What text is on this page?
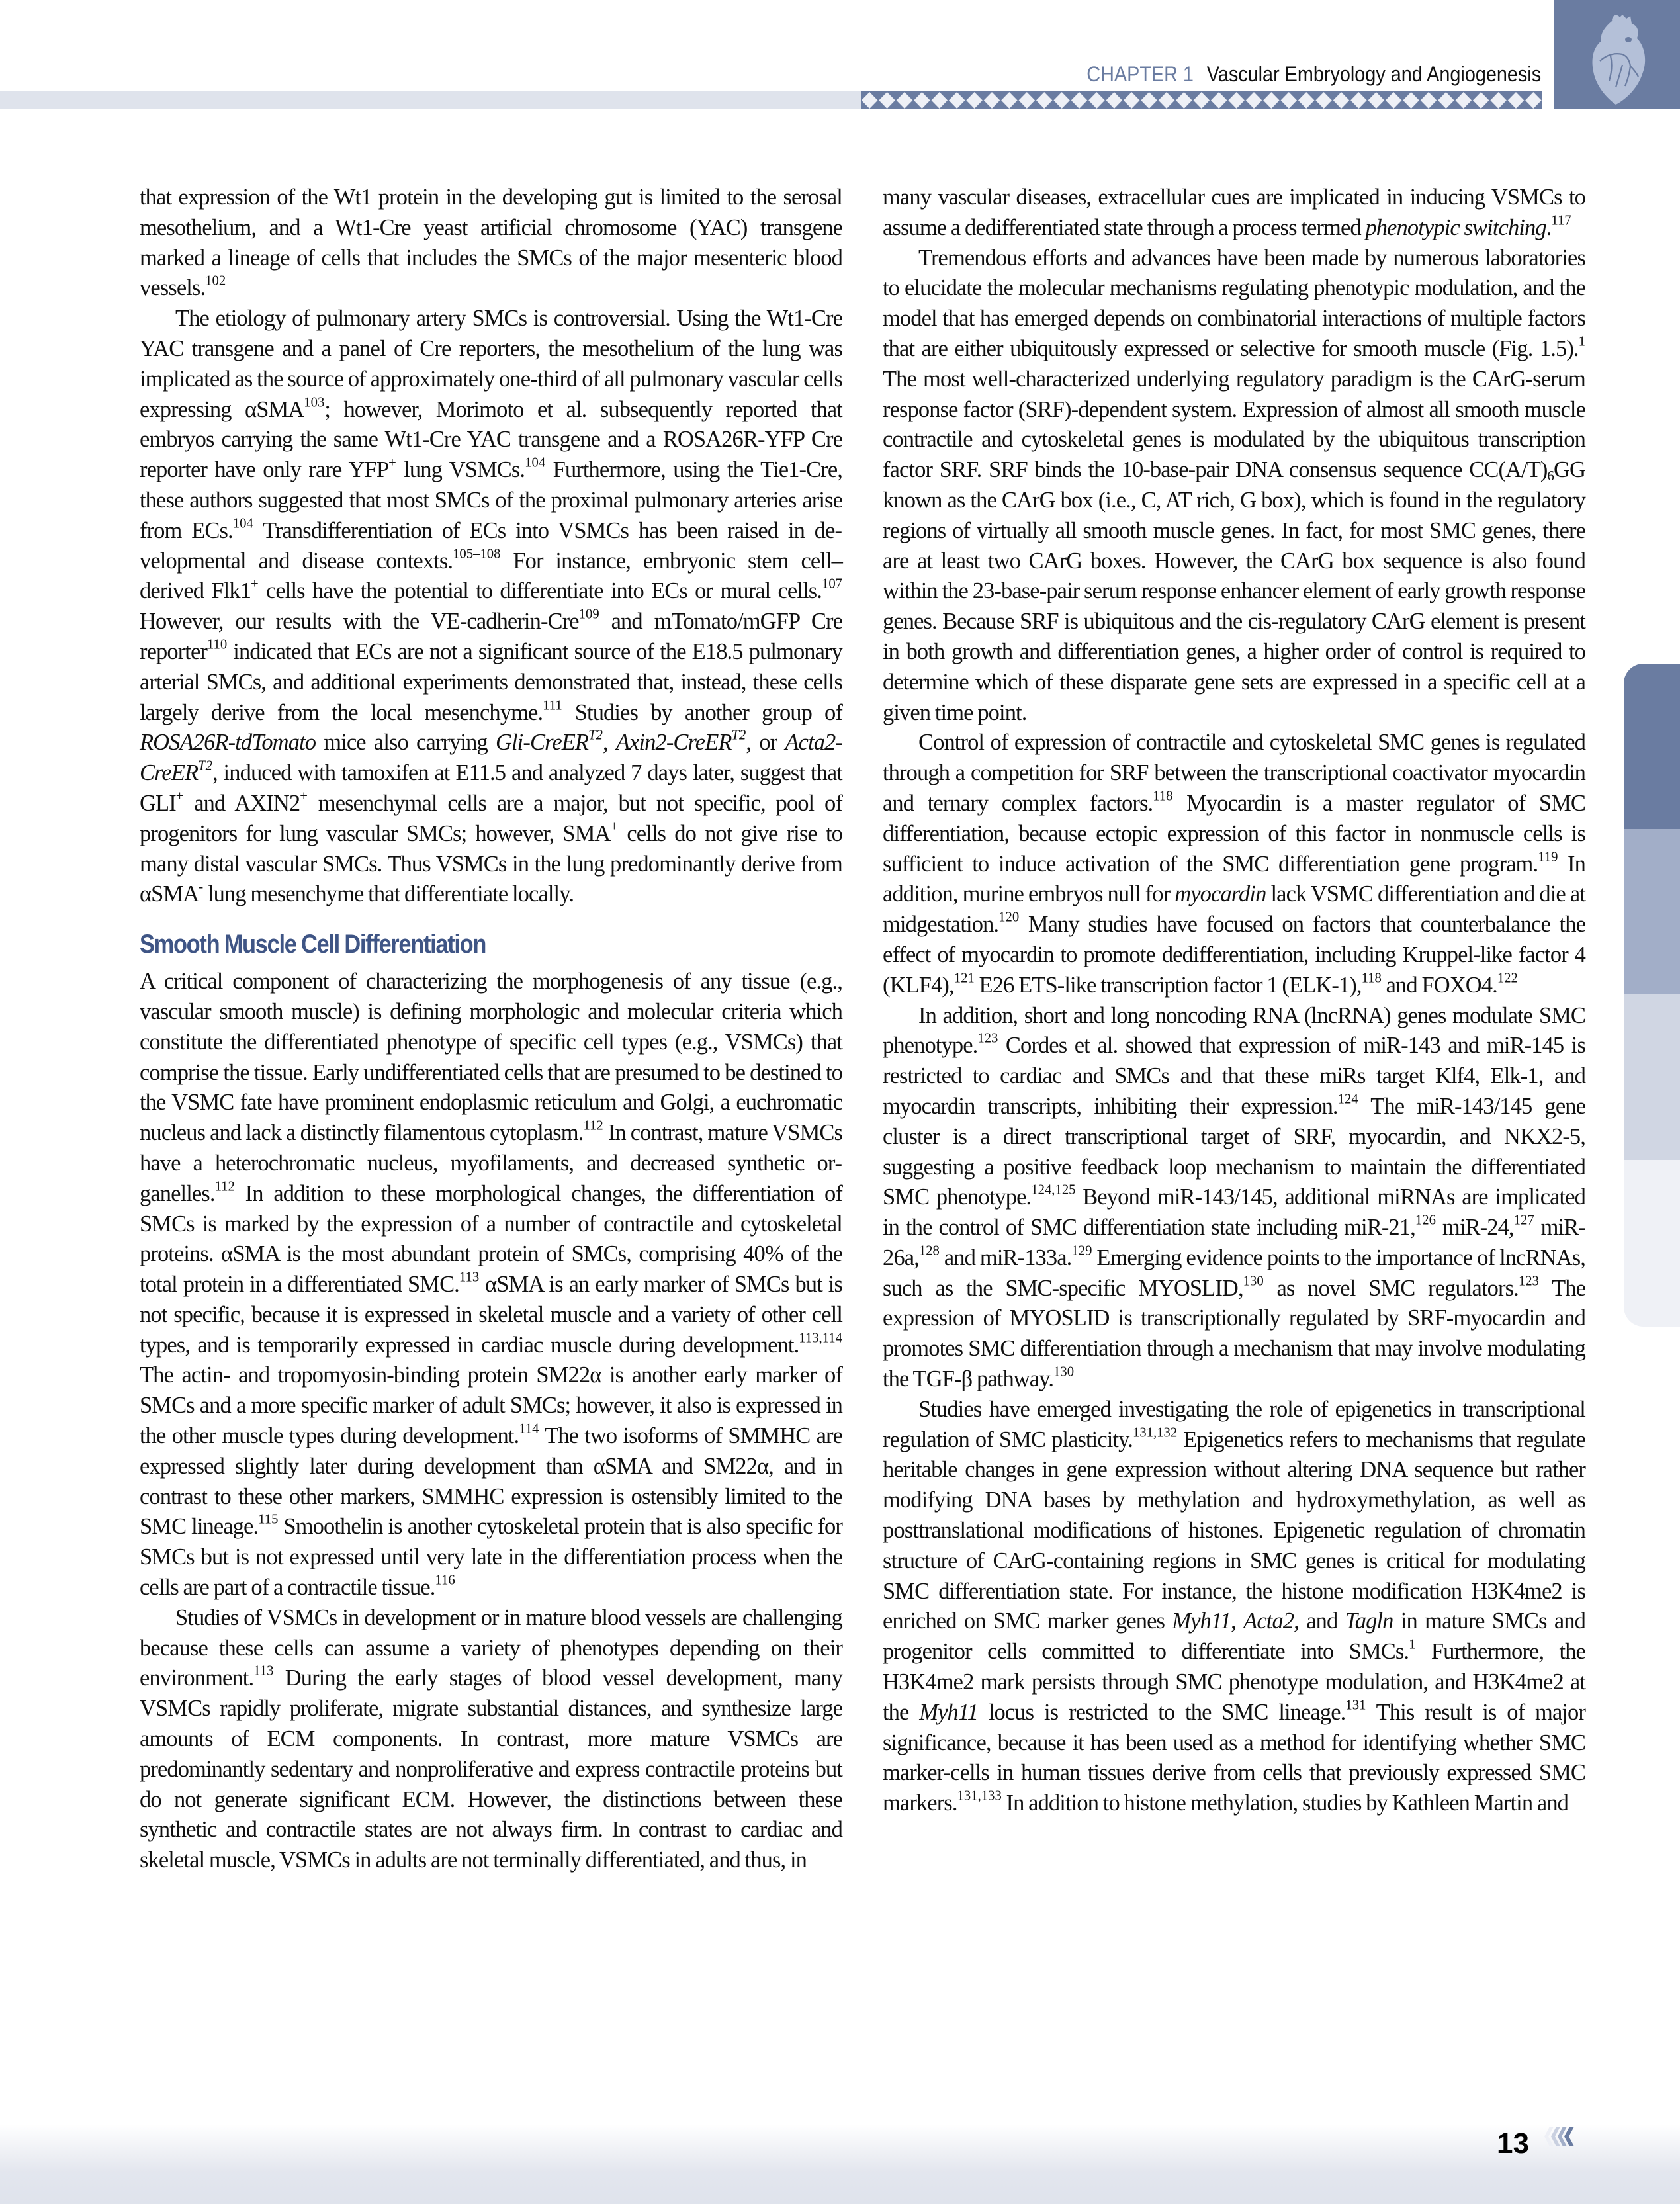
CHAPTER 1 Vascular Embryology and Angiogenesis

that expression of the Wt1 protein in the developing gut is limited to the serosal mesothelium, and a Wt1-Cre yeast artificial chromosome (YAC) transgene marked a lineage of cells that includes the SMCs of the major mesenteric blood vessels.$^{102}$

The etiology of pulmonary artery SMCs is controversial. Using the Wt1-Cre YAC transgene and a panel of Cre reporters, the mesothelium of the lung was implicated as the source of approximately one-third of all pulmonary vascular cells expressing αSMA$^{103}$; however, Morimoto et al. subsequently reported that embryos carrying the same Wt1-Cre YAC transgene and a ROSA26R-YFP Cre reporter have only rare YFP+ lung VSMCs.$^{104}$ Furthermore, using the Tie1-Cre, these authors suggested that most SMCs of the proximal pulmonary arteries arise from ECs.$^{104}$ Transdifferentiation of ECs into VSMCs has been raised in developmental and disease contexts.$^{105-108}$ For instance, embryonic stem cell–derived Flk1+ cells have the potential to differentiate into ECs or mural cells.$^{107}$ However, our results with the VE-cadherin-Cre$^{109}$ and mTomato/mGFP Cre reporter$^{110}$ indicated that ECs are not a significant source of the E18.5 pulmonary arterial SMCs, and additional experiments demonstrated that, instead, these cells largely derive from the local mesenchyme.$^{111}$ Studies by another group of ROSA26R-tdTomato mice also carrying Gli-CreER$^{T2}$, Axin2-CreER$^{T2}$, or Acta2-CreER$^{T2}$, induced with tamoxifen at E11.5 and analyzed 7 days later, suggest that GLI+ and AXIN2+ mesenchymal cells are a major, but not specific, pool of progenitors for lung vascular SMCs; however, SMA+ cells do not give rise to many distal vascular SMCs. Thus VSMCs in the lung predominantly derive from αSMA- lung mesenchyme that differentiate locally.

Smooth Muscle Cell Differentiation

A critical component of characterizing the morphogenesis of any tissue (e.g., vascular smooth muscle) is defining morphologic and molecular criteria which constitute the differentiated phenotype of specific cell types (e.g., VSMCs) that comprise the tissue. Early undifferentiated cells that are presumed to be destined to the VSMC fate have prominent endoplasmic reticulum and Golgi, a euchromatic nucleus and lack a distinctly filamentous cytoplasm.$^{112}$ In contrast, mature VSMCs have a heterochromatic nucleus, myofilaments, and decreased synthetic organelles.$^{112}$ In addition to these morphological changes, the differentiation of SMCs is marked by the expression of a number of contractile and cytoskeletal proteins. αSMA is the most abundant protein of SMCs, comprising 40% of the total protein in a differentiated SMC.$^{113}$ αSMA is an early marker of SMCs but is not specific, because it is expressed in skeletal muscle and a variety of other cell types, and is temporarily expressed in cardiac muscle during development.$^{113,114}$ The actin- and tropomyosin-binding protein SM22α is another early marker of SMCs and a more specific marker of adult SMCs; however, it also is expressed in the other muscle types during development.$^{114}$ The two isoforms of SMMHC are expressed slightly later during development than αSMA and SM22α, and in contrast to these other markers, SMMHC expression is ostensibly limited to the SMC lineage.$^{115}$ Smoothelin is another cytoskeletal protein that is also specific for SMCs but is not expressed until very late in the differentiation process when the cells are part of a contractile tissue.$^{116}$

Studies of VSMCs in development or in mature blood vessels are challenging because these cells can assume a variety of phenotypes depending on their environment.$^{113}$ During the early stages of blood vessel development, many VSMCs rapidly proliferate, migrate substantial distances, and synthesize large amounts of ECM components. In contrast, more mature VSMCs are predominantly sedentary and nonproliferative and express contractile proteins but do not generate significant ECM. However, the distinctions between these synthetic and contractile states are not always firm. In contrast to cardiac and skeletal muscle, VSMCs in adults are not terminally differentiated, and thus, in

many vascular diseases, extracellular cues are implicated in inducing VSMCs to assume a dedifferentiated state through a process termed phenotypic switching.$^{117}$

Tremendous efforts and advances have been made by numerous laboratories to elucidate the molecular mechanisms regulating phenotypic modulation, and the model that has emerged depends on combinatorial interactions of multiple factors that are either ubiquitously expressed or selective for smooth muscle (Fig. 1.5).$^1$ The most well-characterized underlying regulatory paradigm is the CArG-serum response factor (SRF)-dependent system. Expression of almost all smooth muscle contractile and cytoskeletal genes is modulated by the ubiquitous transcription factor SRF. SRF binds the 10-base-pair DNA consensus sequence $CC(A/T)_6GG$ known as the CArG box (i.e., C, AT rich, G box), which is found in the regulatory regions of virtually all smooth muscle genes. In fact, for most SMC genes, there are at least two CArG boxes. However, the CArG box sequence is also found within the 23-base-pair serum response enhancer element of early growth response genes. Because SRF is ubiquitous and the cis-regulatory CArG element is present in both growth and differentiation genes, a higher order of control is required to determine which of these disparate gene sets are expressed in a specific cell at a given time point.

Control of expression of contractile and cytoskeletal SMC genes is regulated through a competition for SRF between the transcriptional coactivator myocardin and ternary complex factors.$^{118}$ Myocardin is a master regulator of SMC differentiation, because ectopic expression of this factor in nonmuscle cells is sufficient to induce activation of the SMC differentiation gene program.$^{119}$ In addition, murine embryos null for myocardin lack VSMC differentiation and die at midgestation.$^{120}$ Many studies have focused on factors that counterbalance the effect of myocardin to promote dedifferentiation, including Kruppel-like factor 4 (KLF4),$^{121}$ E26 ETS-like transcription factor 1 (ELK-1),$^{118}$ and FOXO4.$^{122}$

In addition, short and long noncoding RNA (lncRNA) genes modulate SMC phenotype.$^{123}$ Cordes et al. showed that expression of miR-143 and miR-145 is restricted to cardiac and SMCs and that these miRs target Klf4, Elk-1, and myocardin transcripts, inhibiting their expression.$^{124}$ The miR-143/145 gene cluster is a direct transcriptional target of SRF, myocardin, and NKX2-5, suggesting a positive feedback loop mechanism to maintain the differentiated SMC phenotype.$^{124,125}$ Beyond miR-143/145, additional miRNAs are implicated in the control of SMC differentiation state including miR-21,$^{126}$ miR-24,$^{127}$ miR-26a,$^{128}$ and miR-133a.$^{129}$ Emerging evidence points to the importance of lncRNAs, such as the SMC-specific MYOSLID,$^{130}$ as novel SMC regulators.$^{123}$ The expression of MYOSLID is transcriptionally regulated by SRF-myocardin and promotes SMC differentiation through a mechanism that may involve modulating the TGF-β pathway.$^{130}$

Studies have emerged investigating the role of epigenetics in transcriptional regulation of SMC plasticity.$^{131,132}$ Epigenetics refers to mechanisms that regulate heritable changes in gene expression without altering DNA sequence but rather modifying DNA bases by methylation and hydroxymethylation, as well as posttranslational modifications of histones. Epigenetic regulation of chromatin structure of CArG-containing regions in SMC genes is critical for modulating SMC differentiation state. For instance, the histone modification H3K4me2 is enriched on SMC marker genes Myh11, Acta2, and Tagln in mature SMCs and progenitor cells committed to differentiate into SMCs.$^1$ Furthermore, the H3K4me2 mark persists through SMC phenotype modulation, and H3K4me2 at the Myh11 locus is restricted to the SMC lineage.$^{131}$ This result is of major significance, because it has been used as a method for identifying whether SMC marker-cells in human tissues derive from cells that previously expressed SMC markers.$^{131,133}$ In addition to histone methylation, studies by Kathleen Martin and

13
